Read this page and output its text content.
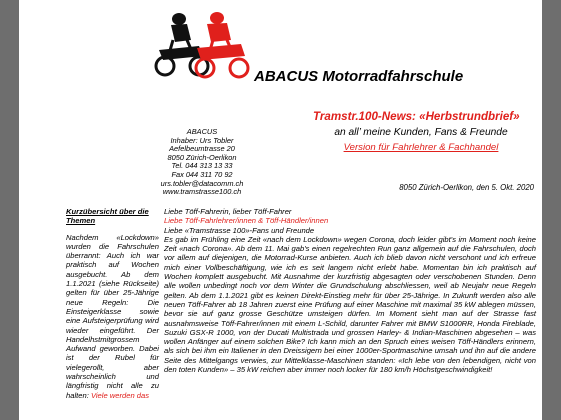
ABACUS Motorradfahrschule
ABACUS
Inhaber: Urs Tobler
Aefelbeumtrasse 20
8050 Zürich-Oerlikon
Tel. 044 313 13 33
Fax 044 311 70 92
urs.tobler@datacomm.ch
www.tramstrasse100.ch
Tramstr.100-News: «Herbstrundbrief»
an all’ meine Kunden, Fans & Freunde
Version für Fahrlehrer & Fachhandel
8050 Zürich-Oerlikon, den 5. Okt. 2020
Kurzübersicht über die Themen
Nachdem «Lockdown» wurden die Fahrschulen überrannt: Auch ich war praktisch auf Wochen ausgebucht. Ab dem 1.1.2021 (siehe Rückseite) gelten für über 25-Jährige neue Regeln: Die Einsteigerklasse sowie eine Aufsteigerprüfung wird wieder eingeführt. Der Handelhstmitgrossem Aufwand geworben. Dabei ist der Rubel für vielegerollt, aber wahrscheinlich und längfristig nicht alle zu halten: Viele werden das

Liebe Töff-Fahrerin, lieber Töff-Fahrer

Liebe Töff-Fahrlehrer/innen & Töff-Händler/innen

Liebe «Tramstrasse 100»-Fans und Freunde

Es gab im Frühling eine Zeit «nach dem Lockdown» wegen Corona, doch leider gibt's im Moment noch keine Zeit «nach Corona». Ab dem 11. Mai gab's einen regelrechten Run ganz allgemein auf die Fahrschulen, doch vor allem auf diejenigen, die Motorrad-Kurse anbieten. Auch ich blieb davon nicht verschont und ich erfreue mich einer Vollbeschäftigung, wie ich es seit langem nicht erlebt habe. Momentan bin ich praktisch auf Wochen komplett ausgebucht. Mit Ausnahme der kurzfristig abgesagten oder verschobenen Stunden. Denn alle wollen unbedingt noch vor dem Winter die Grundschulung abschliessen, weil ab Neujahr neue Regeln gelten. Ab dem 1.1.2021 gibt es keinen Direkt-Einstieg mehr für über 25-Jährige. In Zukunft werden also alle neuen Töff-Fahrer ab 18 Jahren zuerst eine Prüfung auf einer Maschine mit maximal 35 kW ablegen müssen, bevor sie auf ganz grosse Geschütze umsteigen dürfen. Im Moment sieht man auf der Strasse fast ausnahmsweise Töff-Fahrer/innen mit einem L-Schild, darunter Fahrer mit BMW S1000RR, Honda Fireblade, Suzuki GSX-R 1000, von der Ducati Multistrada und grossen Harley- & Indian-Maschinen abgesehen – was wollen Anfänger auf einem solchen Bike? Ich kann mich an den Spruch eines weisen Töff-Händlers erinnern, als sich bei ihm ein Italiener in den Dreissigern bei einer 1000er-Sportmaschine umsah und ihn auf die andere Seite des Mittelgangs verwies, zur Mittelklasse-Maschinen standen: «Ich lebe von den lebendigen, nicht von den toten Kunden» – 35 kW reichen aber immer noch locker für 180 km/h Höchstgeschwindigkeit!
